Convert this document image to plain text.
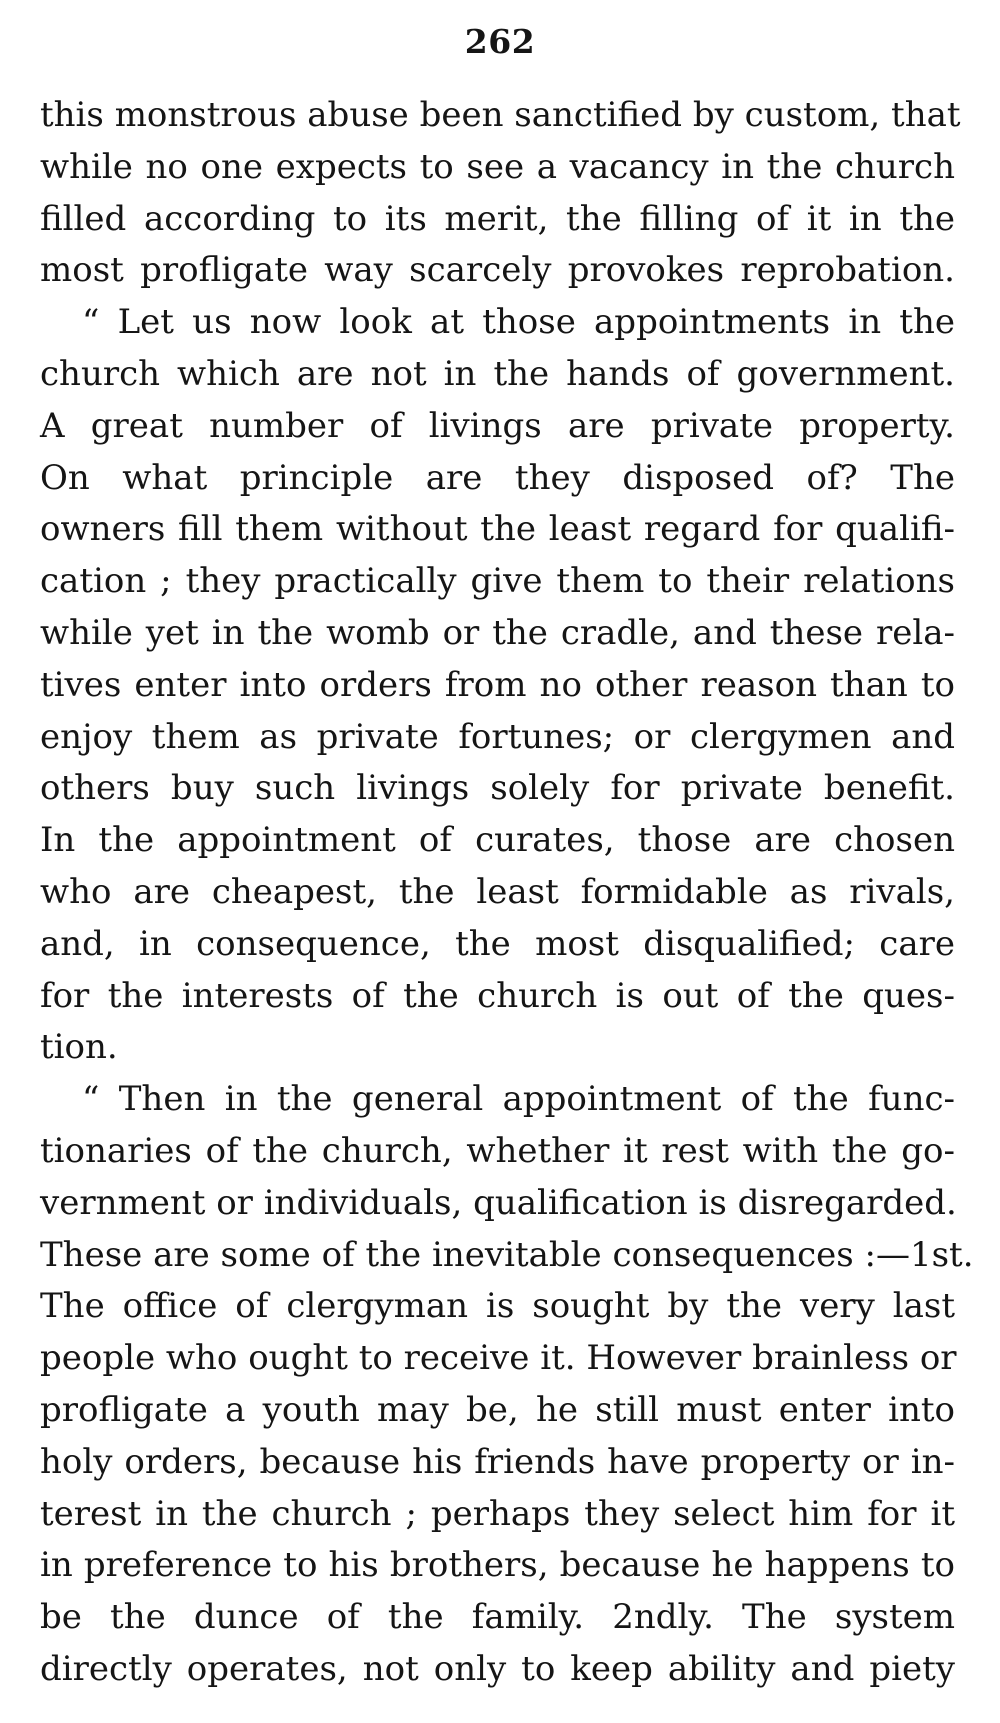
262
this monstrous abuse been sanctified by custom, that
while no one expects to see a vacancy in the church
filled according to its merit, the filling of it in the
most profligate way scarcely provokes reprobation.
“ Let us now look at those appointments in the
church which are not in the hands of government.
A great number of livings are private property.
On what principle are they disposed of? The
owners fill them without the least regard for qualifi-
cation ; they practically give them to their relations
while yet in the womb or the cradle, and these rela-
tives enter into orders from no other reason than to
enjoy them as private fortunes; or clergymen and
others buy such livings solely for private benefit.
In the appointment of curates, those are chosen
who are cheapest, the least formidable as rivals,
and, in consequence, the most disqualified; care
for the interests of the church is out of the ques-
tion.
“ Then in the general appointment of the func-
tionaries of the church, whether it rest with the go-
vernment or individuals, qualification is disregarded.
These are some of the inevitable consequences :—1st.
The office of clergyman is sought by the very last
people who ought to receive it. However brainless or
profligate a youth may be, he still must enter into
holy orders, because his friends have property or in-
terest in the church ; perhaps they select him for it
in preference to his brothers, because he happens to
be the dunce of the family. 2ndly. The system
directly operates, not only to keep ability and piety
